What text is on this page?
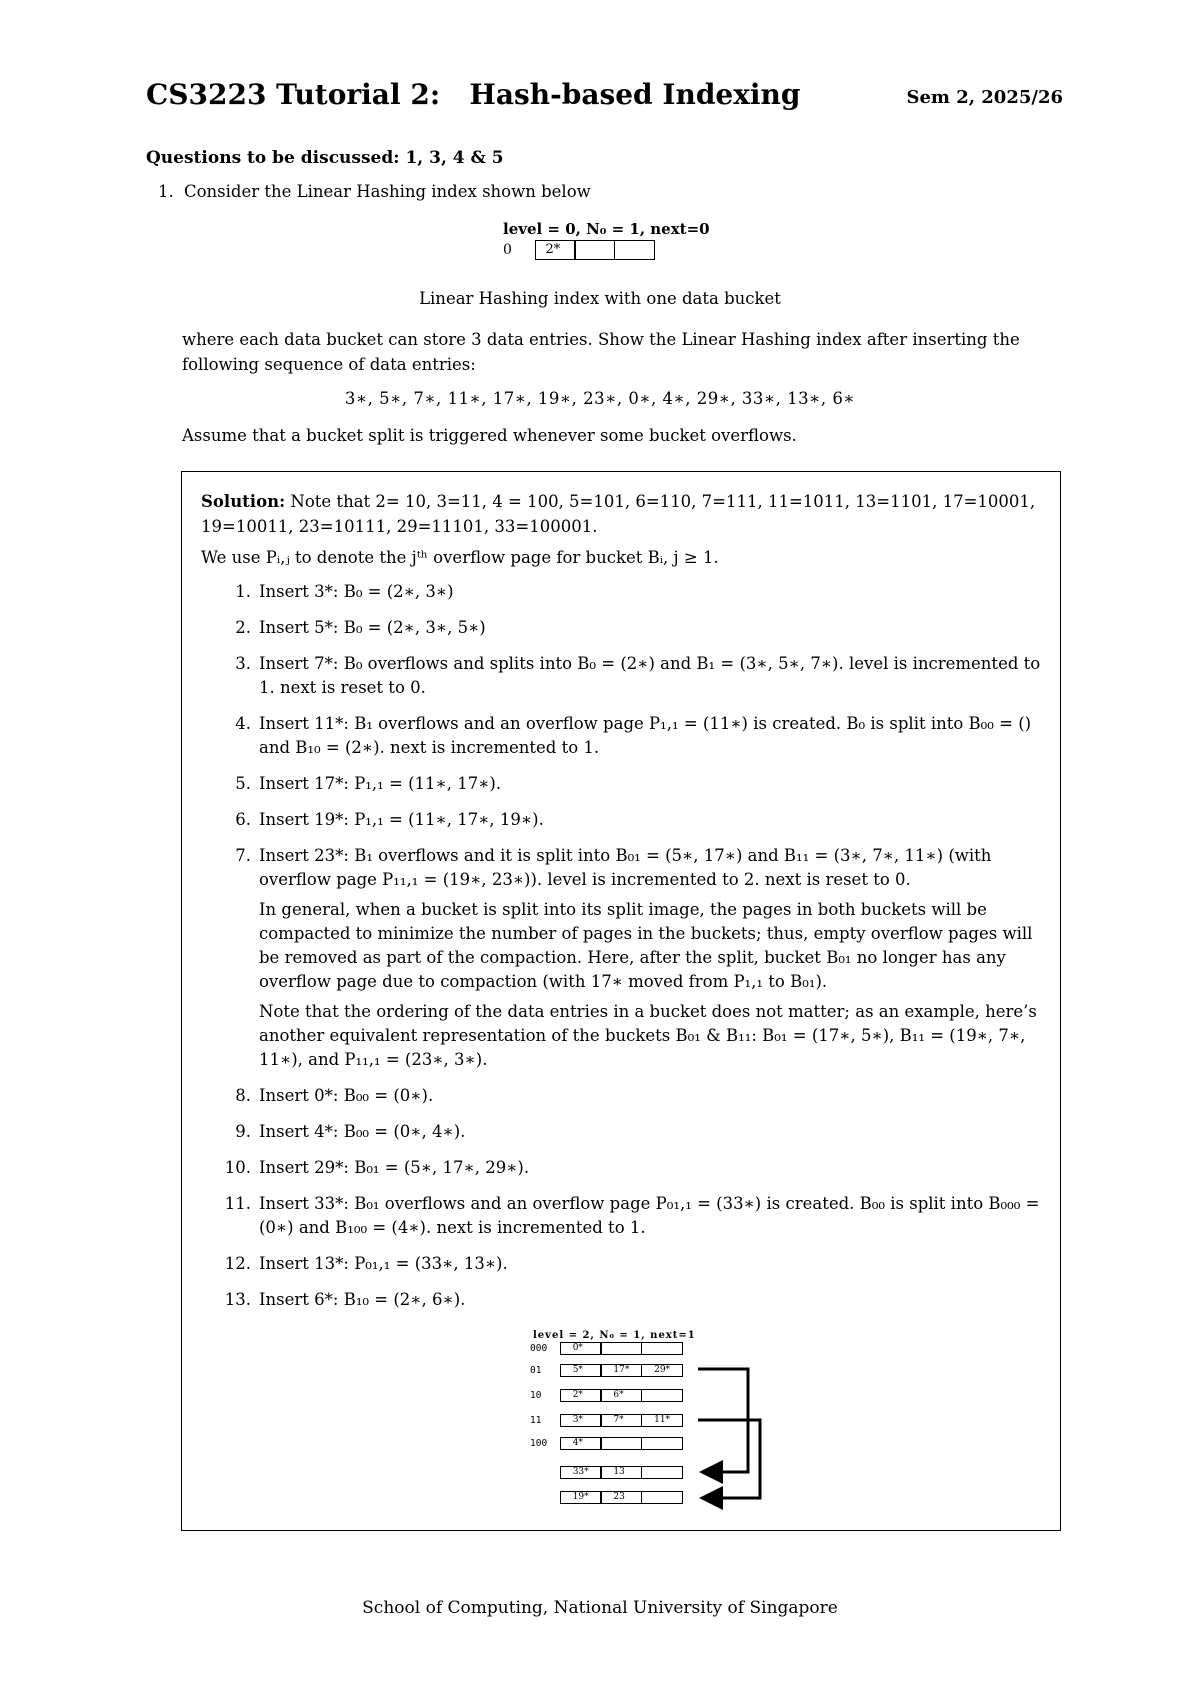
CS3223 Tutorial 2:   Hash-based Indexing	Sem 2, 2025/26
Questions to be discussed: 1, 3, 4 & 5
1. Consider the Linear Hashing index shown below
level = 0, N₀ = 1, next=0
0	2*
Linear Hashing index with one data bucket
where each data bucket can store 3 data entries. Show the Linear Hashing index after inserting the following sequence of data entries:
3∗, 5∗, 7∗, 11∗, 17∗, 19∗, 23∗, 0∗, 4∗, 29∗, 33∗, 13∗, 6∗
Assume that a bucket split is triggered whenever some bucket overflows.

Solution: Note that 2= 10, 3=11, 4 = 100, 5=101, 6=110, 7=111, 11=1011, 13=1101, 17=10001, 19=10011, 23=10111, 29=11101, 33=100001.

We use Pᵢ,ⱼ to denote the jᵗʰ overflow page for bucket Bᵢ, j ≥ 1.

1. Insert 3*: B₀ = (2∗, 3∗)

2. Insert 5*: B₀ = (2∗, 3∗, 5∗)

3. Insert 7*: B₀ overflows and splits into B₀ = (2∗) and B₁ = (3∗, 5∗, 7∗). level is incremented to 1. next is reset to 0.

4. Insert 11*: B₁ overflows and an overflow page P₁,₁ = (11∗) is created. B₀ is split into B₀₀ = () and B₁₀ = (2∗). next is incremented to 1.

5. Insert 17*: P₁,₁ = (11∗, 17∗).

6. Insert 19*: P₁,₁ = (11∗, 17∗, 19∗).

7. Insert 23*: B₁ overflows and it is split into B₀₁ = (5∗, 17∗) and B₁₁ = (3∗, 7∗, 11∗) (with overflow page P₁₁,₁ = (19∗, 23∗)). level is incremented to 2. next is reset to 0.

In general, when a bucket is split into its split image, the pages in both buckets will be compacted to minimize the number of pages in the buckets; thus, empty overflow pages will be removed as part of the compaction. Here, after the split, bucket B₀₁ no longer has any overflow page due to compaction (with 17∗ moved from P₁,₁ to B₀₁).

Note that the ordering of the data entries in a bucket does not matter; as an example, here’s another equivalent representation of the buckets B₀₁ & B₁₁: B₀₁ = (17∗, 5∗), B₁₁ = (19∗, 7∗, 11∗), and P₁₁,₁ = (23∗, 3∗).

8. Insert 0*: B₀₀ = (0∗).

9. Insert 4*: B₀₀ = (0∗, 4∗).

10. Insert 29*: B₀₁ = (5∗, 17∗, 29∗).

11. Insert 33*: B₀₁ overflows and an overflow page P₀₁,₁ = (33∗) is created. B₀₀ is split into B₀₀₀ = (0∗) and B₁₀₀ = (4∗). next is incremented to 1.

12. Insert 13*: P₀₁,₁ = (33∗, 13∗).

13. Insert 6*: B₁₀ = (2∗, 6∗).

level = 2, N₀ = 1, next=1
000	0*
01	5*	17*	29*
10	2*	6*
11	3*	7*	11*
100	4*
33*	13
19*	23
School of Computing, National University of Singapore
